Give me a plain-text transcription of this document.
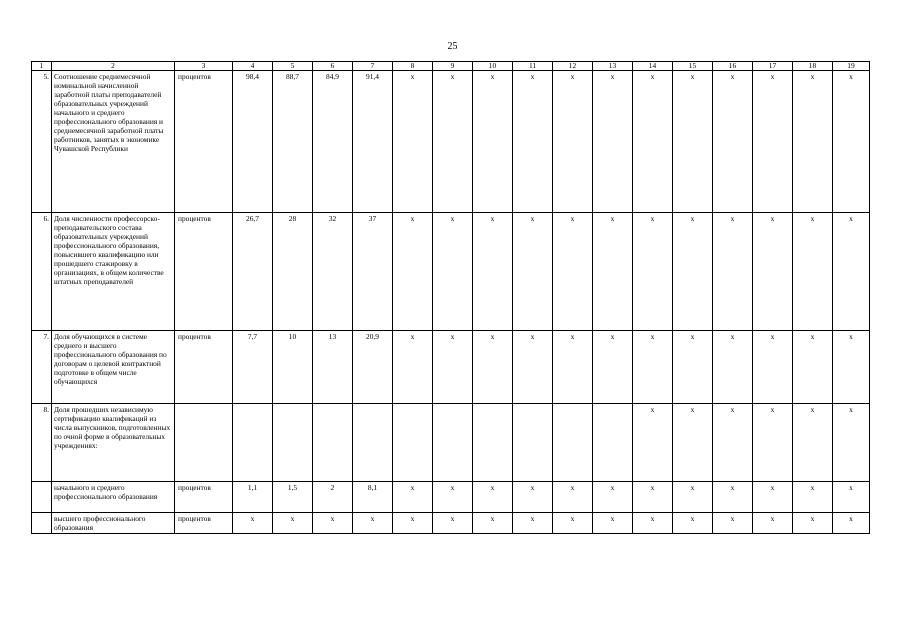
25
1	2	3	4	5	6	7	8	9	10	11	12	13	14	15	16	17	18	19
5.	Соотношение среднемесячной номинальной начисленной заработной платы преподавателей образовательных учреждений начального и среднего профессионального образования и среднемесячной заработной платы работников, занятых в экономике Чувашской Республики	процентов	98,4	88,7	84,9	91,4	x	x	x	x	x	x	x	x	x	x	x	x
6.	Доля численности профессорско-преподавательского состава образовательных учреждений профессионального образования, повысившего квалификацию или прошедшего стажировку в организациях, в общем количестве штатных преподавателей	процентов	26,7	28	32	37	x	x	x	x	x	x	x	x	x	x	x	x
7.	Доля обучающихся в системе среднего и высшего профессионального образования по договорам о целевой контрактной подготовке в общем числе обучающихся	процентов	7,7	10	13	20,9	x	x	x	x	x	x	x	x	x	x	x	x
8.	Доля прошедших независимую сертификацию квалификаций из числа выпускников, подготовленных по очной форме в образовательных учреждениях:												x	x	x	x	x	x
	начального и среднего профессионального образования	процентов	1,1	1,5	2	8,1	x	x	x	x	x	x	x	x	x	x	x	x
	высшего профессионального образования	процентов	x	x	x	x	x	x	x	x	x	x	x	x	x	x	x	x
